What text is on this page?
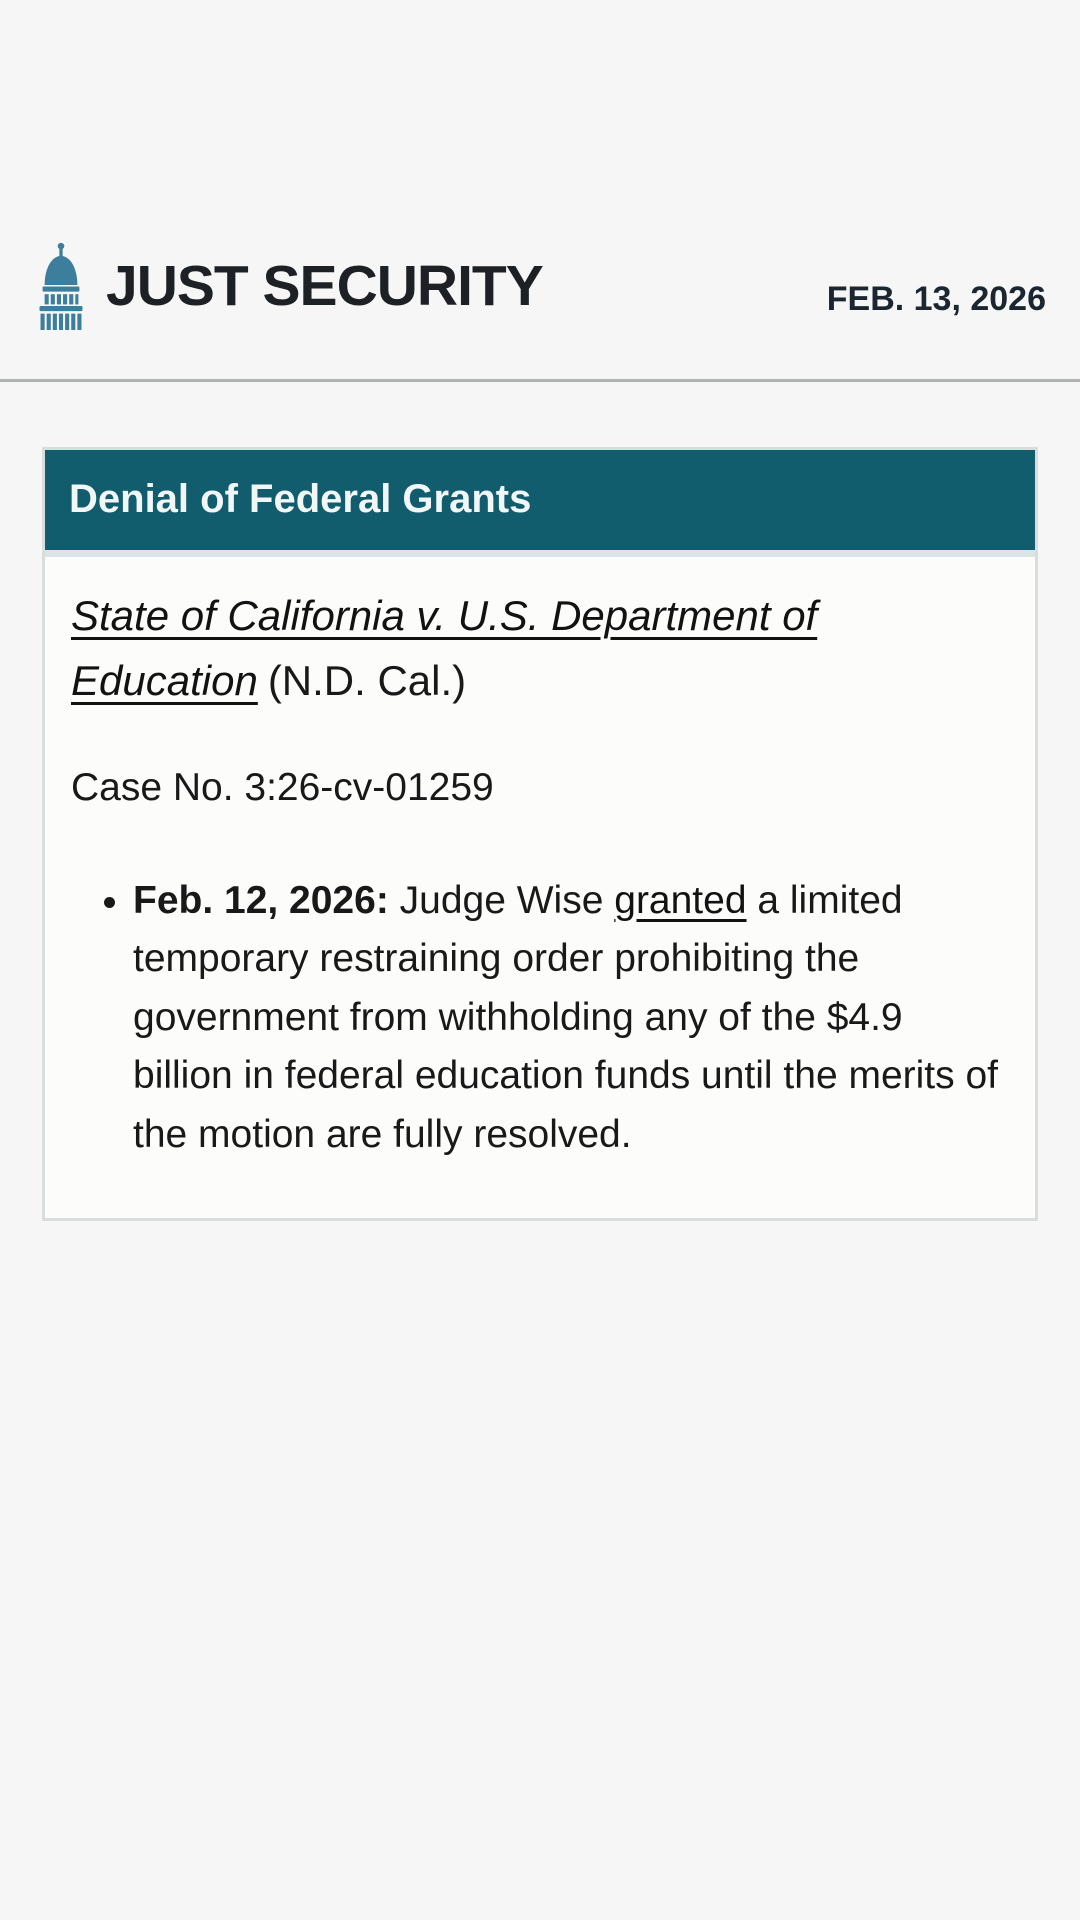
JUST SECURITY	FEB. 13, 2026
Denial of Federal Grants
State of California v. U.S. Department of Education (N.D. Cal.)
Case No. 3:26-cv-01259
• Feb. 12, 2026: Judge Wise granted a limited temporary restraining order prohibiting the government from withholding any of the $4.9 billion in federal education funds until the merits of the motion are fully resolved.
